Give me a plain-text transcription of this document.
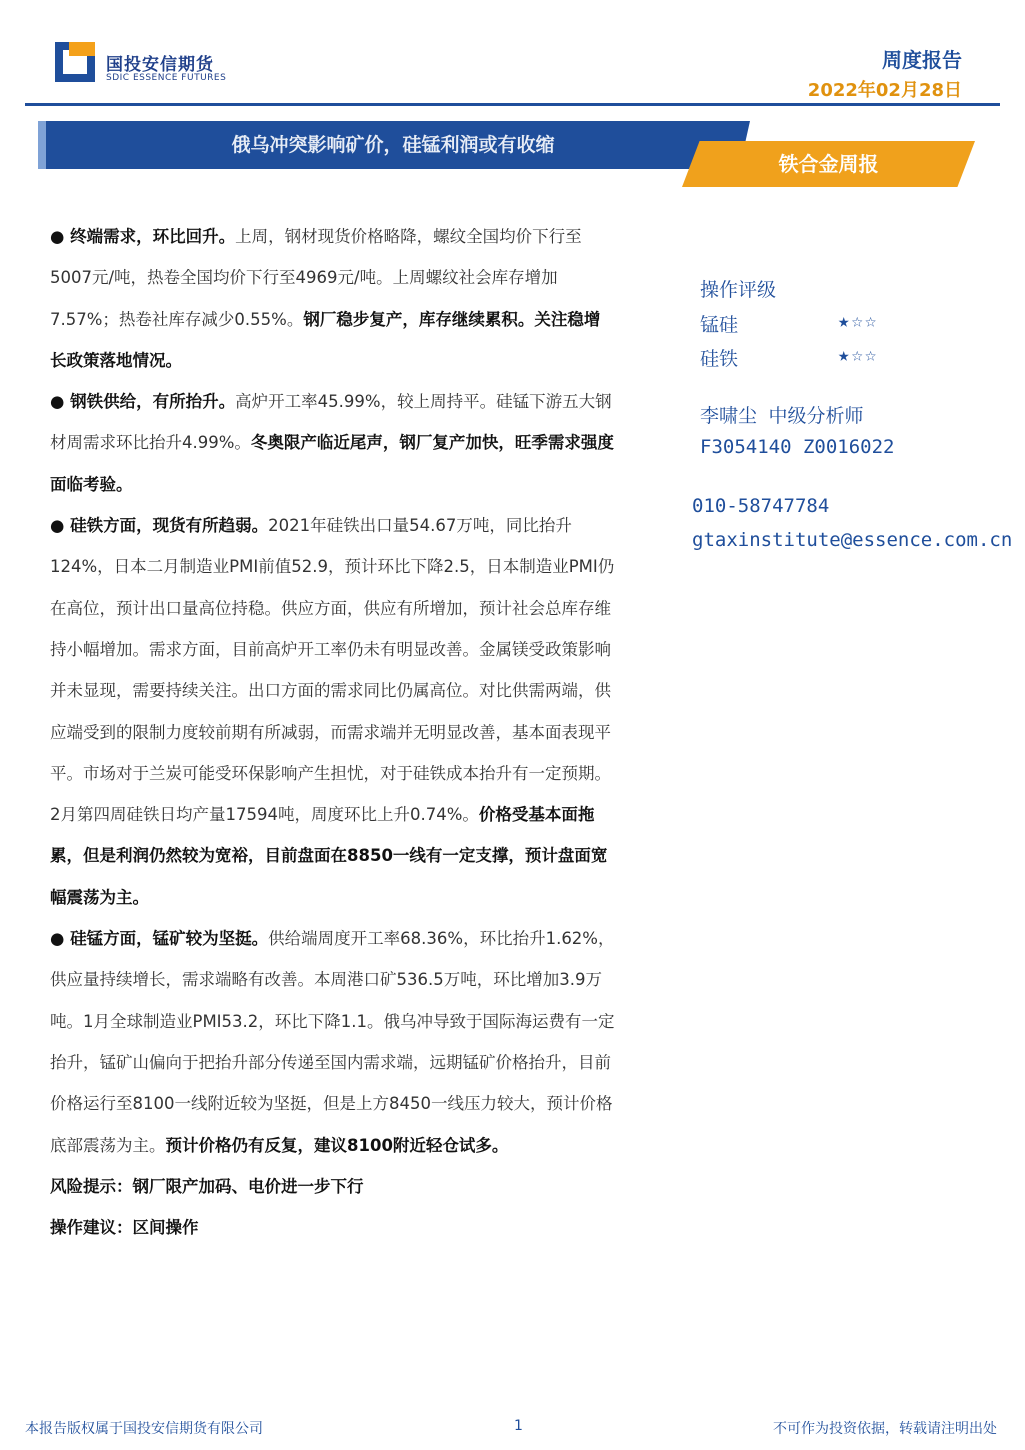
国投安信期货
SDIC ESSENCE FUTURES
周度报告
2022年02月28日
俄乌冲突影响矿价，硅锰利润或有收缩
铁合金周报

● 终端需求，环比回升。上周，钢材现货价格略降，螺纹全国均价下行至5007元/吨，热卷全国均价下行至4969元/吨。上周螺纹社会库存增加7.57%；热卷社库存减少0.55%。钢厂稳步复产，库存继续累积。关注稳增长政策落地情况。

● 钢铁供给，有所抬升。高炉开工率45.99%，较上周持平。硅锰下游五大钢材周需求环比抬升4.99%。冬奥限产临近尾声，钢厂复产加快，旺季需求强度面临考验。

● 硅铁方面，现货有所趋弱。2021年硅铁出口量54.67万吨，同比抬升124%，日本二月制造业PMI前值52.9，预计环比下降2.5，日本制造业PMI仍在高位，预计出口量高位持稳。供应方面，供应有所增加，预计社会总库存维持小幅增加。需求方面，目前高炉开工率仍未有明显改善。金属镁受政策影响并未显现，需要持续关注。出口方面的需求同比仍属高位。对比供需两端，供应端受到的限制力度较前期有所减弱，而需求端并无明显改善，基本面表现平平。市场对于兰炭可能受环保影响产生担忧，对于硅铁成本抬升有一定预期。2月第四周硅铁日均产量17594吨，周度环比上升0.74%。价格受基本面拖累，但是利润仍然较为宽裕，目前盘面在8850一线有一定支撑，预计盘面宽幅震荡为主。

● 硅锰方面，锰矿较为坚挺。供给端周度开工率68.36%，环比抬升1.62%，供应量持续增长，需求端略有改善。本周港口矿536.5万吨，环比增加3.9万吨。1月全球制造业PMI53.2，环比下降1.1。俄乌冲导致于国际海运费有一定抬升，锰矿山偏向于把抬升部分传递至国内需求端，远期锰矿价格抬升，目前价格运行至8100一线附近较为坚挺，但是上方8450一线压力较大，预计价格底部震荡为主。预计价格仍有反复，建议8100附近轻仓试多。

风险提示：钢厂限产加码、电价进一步下行

操作建议：区间操作

操作评级
锰硅	★☆☆
硅铁	★☆☆
李啸尘 中级分析师
F3054140 Z0016022
010-58747784
gtaxinstitute@essence.com.cn
本报告版权属于国投安信期货有限公司	1	不可作为投资依据，转载请注明出处
